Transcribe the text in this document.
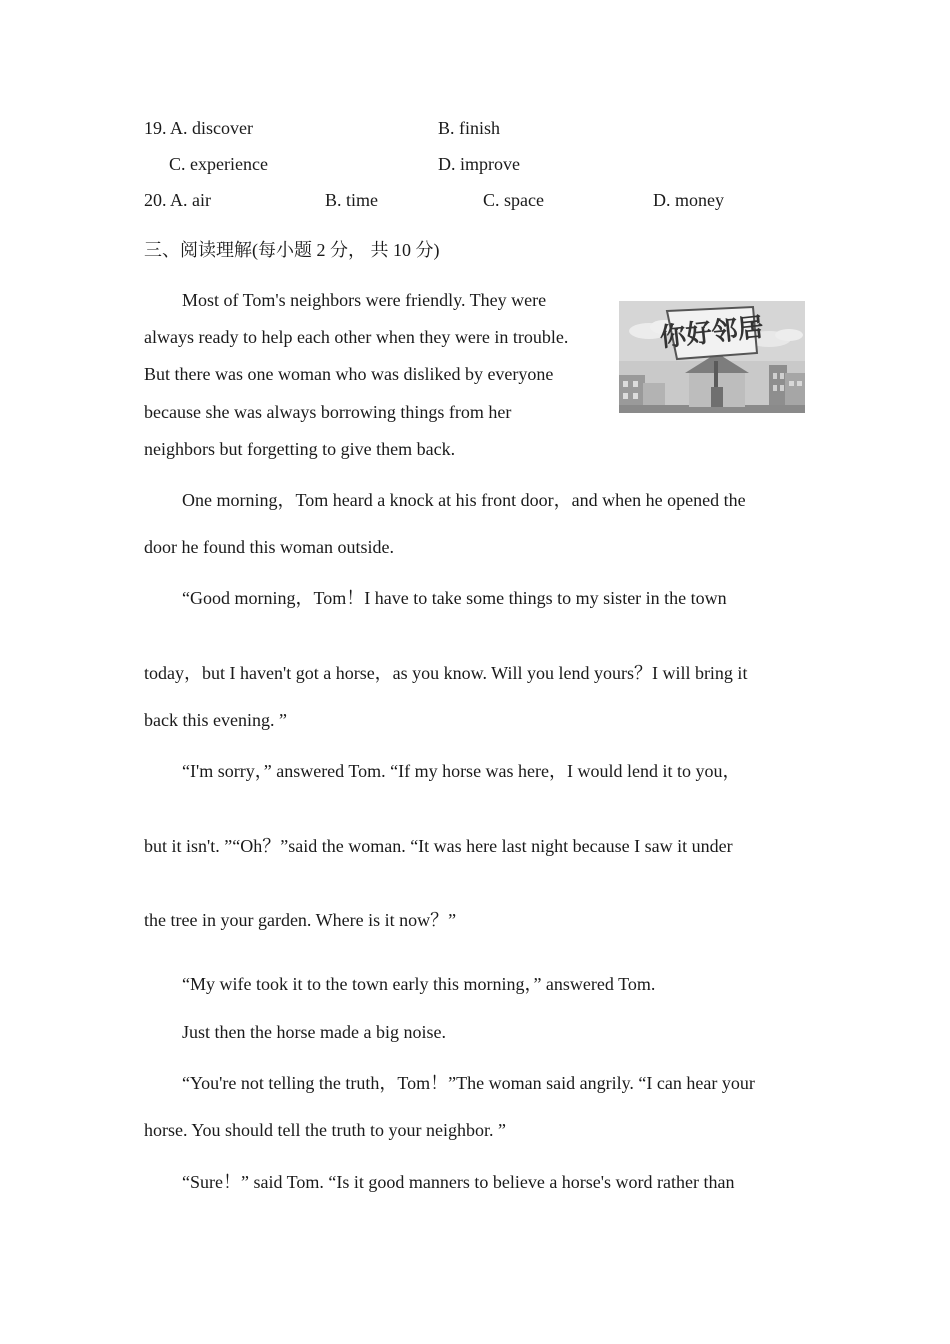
19. A. discover	B. finish
C. experience	D. improve
20. A. air	B. time	C. space	D. money
三、阅读理解(每小题 2 分， 共 10 分)
Most of Tom's neighbors were friendly. They were
always ready to help each other when they were in trouble.
But there was one woman who was disliked by everyone
because she was always borrowing things from her
neighbors but forgetting to give them back.
你好邻居
One morning，Tom heard a knock at his front door，and when he opened the
door he found this woman outside.
“Good morning，Tom！I have to take some things to my sister in the town
today，but I haven't got a horse，as you know. Will you lend yours？I will bring it
back this evening. ”
“I'm sorry，” answered Tom. “If my horse was here，I would lend it to you，
but it isn't. ”“Oh？”said the woman. “It was here last night because I saw it under
the tree in your garden. Where is it now？”
“My wife took it to the town early this morning，” answered Tom.
Just then the horse made a big noise.
“You're not telling the truth，Tom！”The woman said angrily. “I can hear your
horse. You should tell the truth to your neighbor. ”
“Sure！” said Tom. “Is it good manners to believe a horse's word rather than
